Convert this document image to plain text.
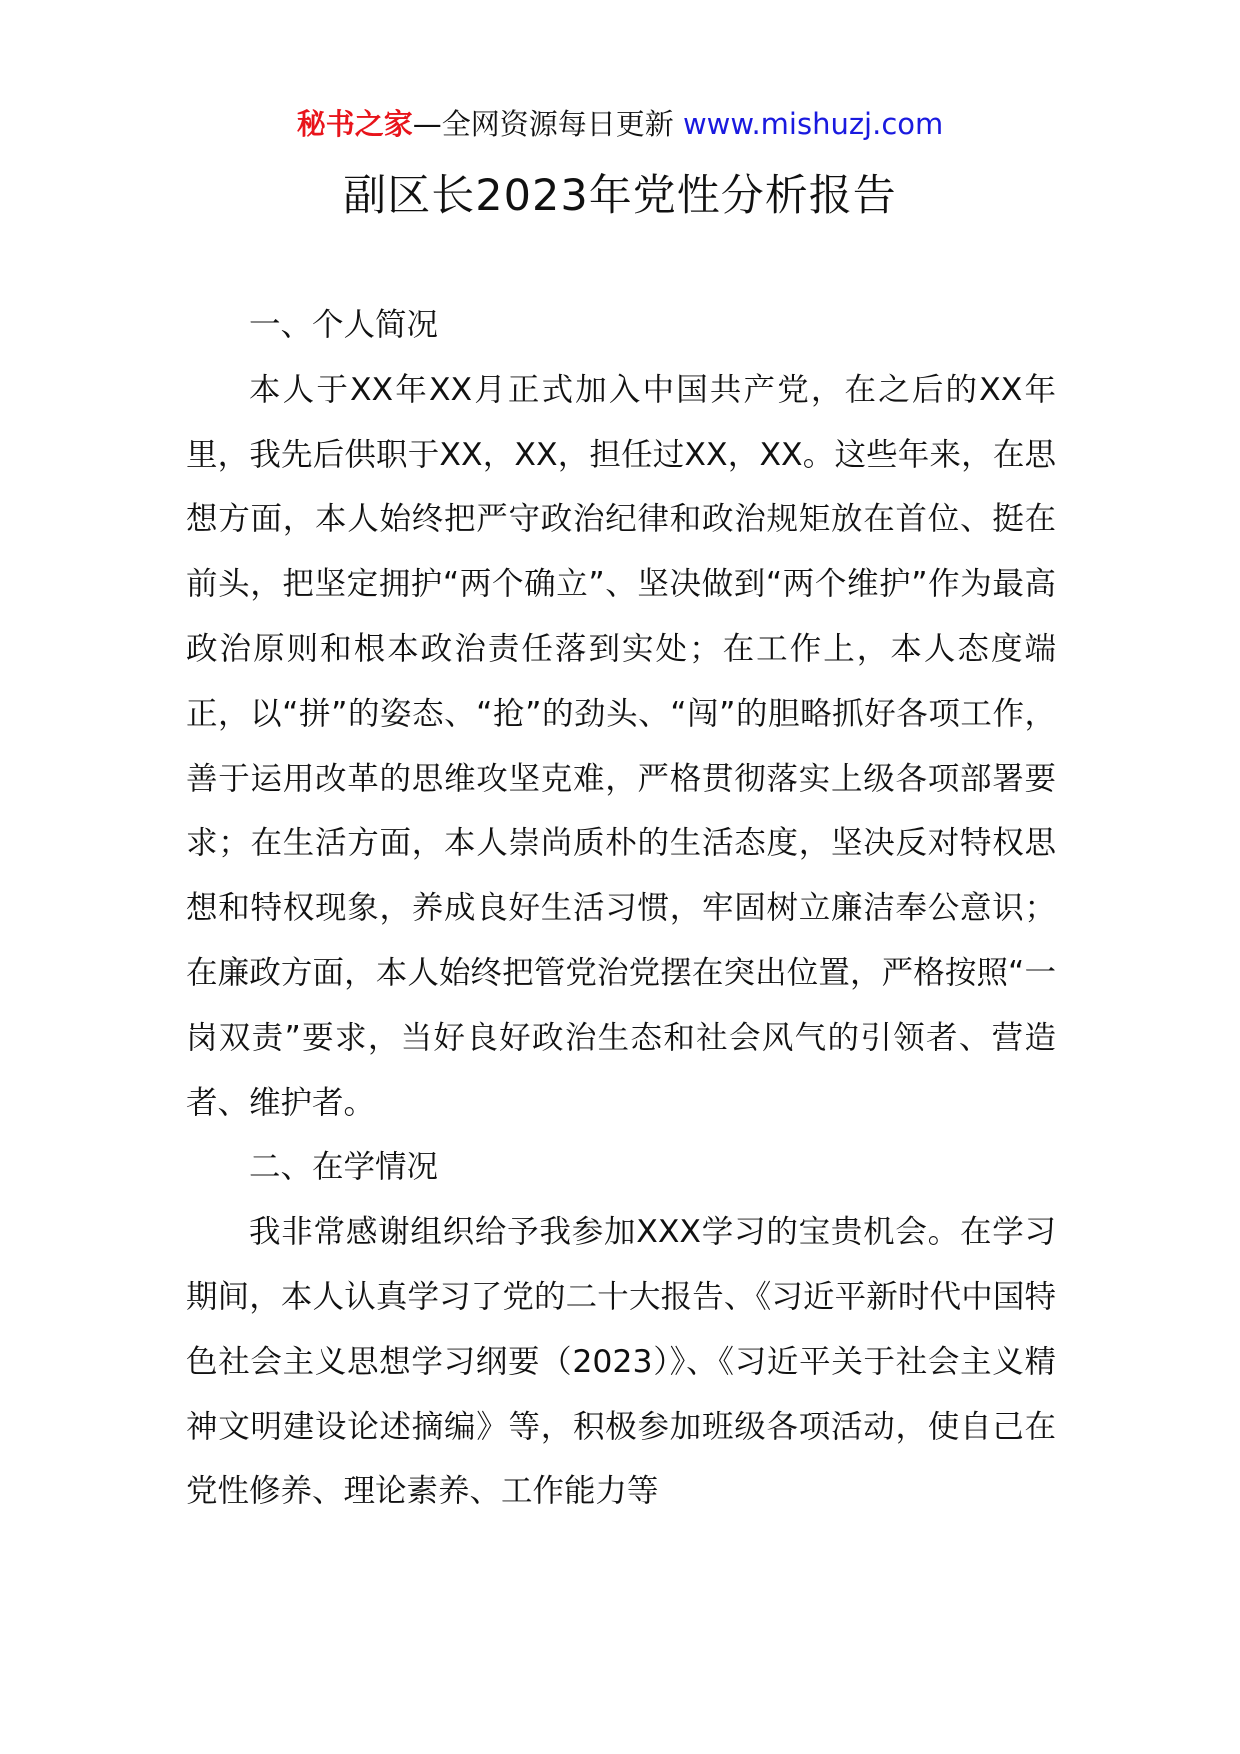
秘书之家—全网资源每日更新 www.mishuzj.com
副区长2023年党性分析报告

一、个人简况

本人于XX年XX月正式加入中国共产党，在之后的XX年里，我先后供职于XX，XX，担任过XX，XX。这些年来，在思想方面，本人始终把严守政治纪律和政治规矩放在首位、挺在前头，把坚定拥护“两个确立”、坚决做到“两个维护”作为最高政治原则和根本政治责任落到实处；在工作上，本人态度端正，以“拼”的姿态、“抢”的劲头、“闯”的胆略抓好各项工作，善于运用改革的思维攻坚克难，严格贯彻落实上级各项部署要求；在生活方面，本人崇尚质朴的生活态度，坚决反对特权思想和特权现象，养成良好生活习惯，牢固树立廉洁奉公意识；在廉政方面，本人始终把管党治党摆在突出位置，严格按照“一岗双责”要求，当好良好政治生态和社会风气的引领者、营造者、维护者。

二、在学情况

我非常感谢组织给予我参加XXX学习的宝贵机会。在学习期间，本人认真学习了党的二十大报告、《习近平新时代中国特色社会主义思想学习纲要（2023）》、《习近平关于社会主义精神文明建设论述摘编》等，积极参加班级各项活动，使自己在党性修养、理论素养、工作能力等
